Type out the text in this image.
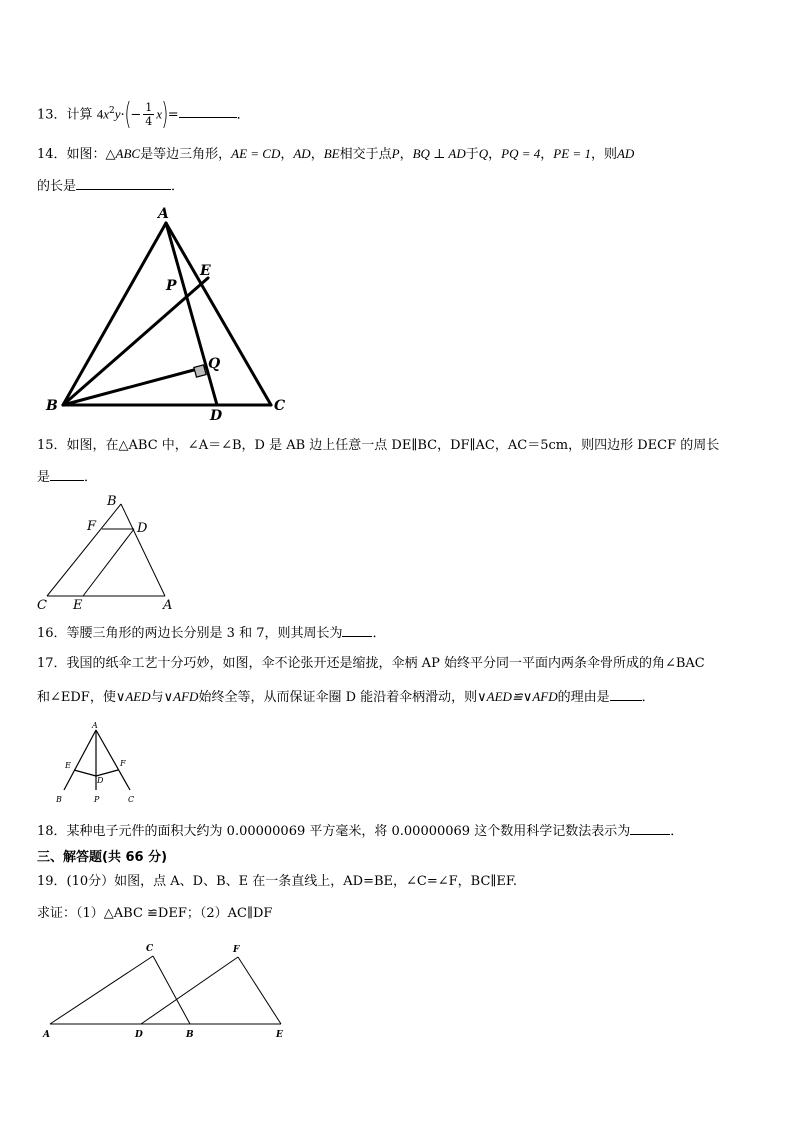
13．计算 $4x^2y\cdot(- \frac{1}{4} x)=$	．
14．如图：△ABC是等边三角形，AE = CD，AD，BE相交于点P，BQ ⊥ AD于Q，PQ = 4，PE = 1，则AD
的长是	．
A
B	C
D
E
P
Q
15．如图，在△ABC 中，∠A＝∠B，D 是 AB 边上任意一点 DE∥BC，DF∥AC，AC＝5cm，则四边形 DECF 的周长
是	．
B
F	D
C E	A
16．等腰三角形的两边长分别是 3 和 7，则其周长为 ．
17．我国的纸伞工艺十分巧妙，如图，伞不论张开还是缩拢，伞柄 AP 始终平分同一平面内两条伞骨所成的角∠BAC
和∠EDF，使∨AED与∨AFD始终全等，从而保证伞圈 D 能沿着伞柄滑动，则∨AED≌∨AFD的理由是 ．
A
E	F
D
B	P	C
18．某种电子元件的面积大约为 0.00000069 平方毫米，将 0.00000069 这个数用科学记数法表示为	．
三、解答题(共 66 分)
19．(10分）如图，点 A、D、B、E 在一条直线上，AD=BE，∠C=∠F，BC∥EF.
求证：（1）△ABC ≌DEF；（2）AC∥DF
C	F
A	D	B	E
